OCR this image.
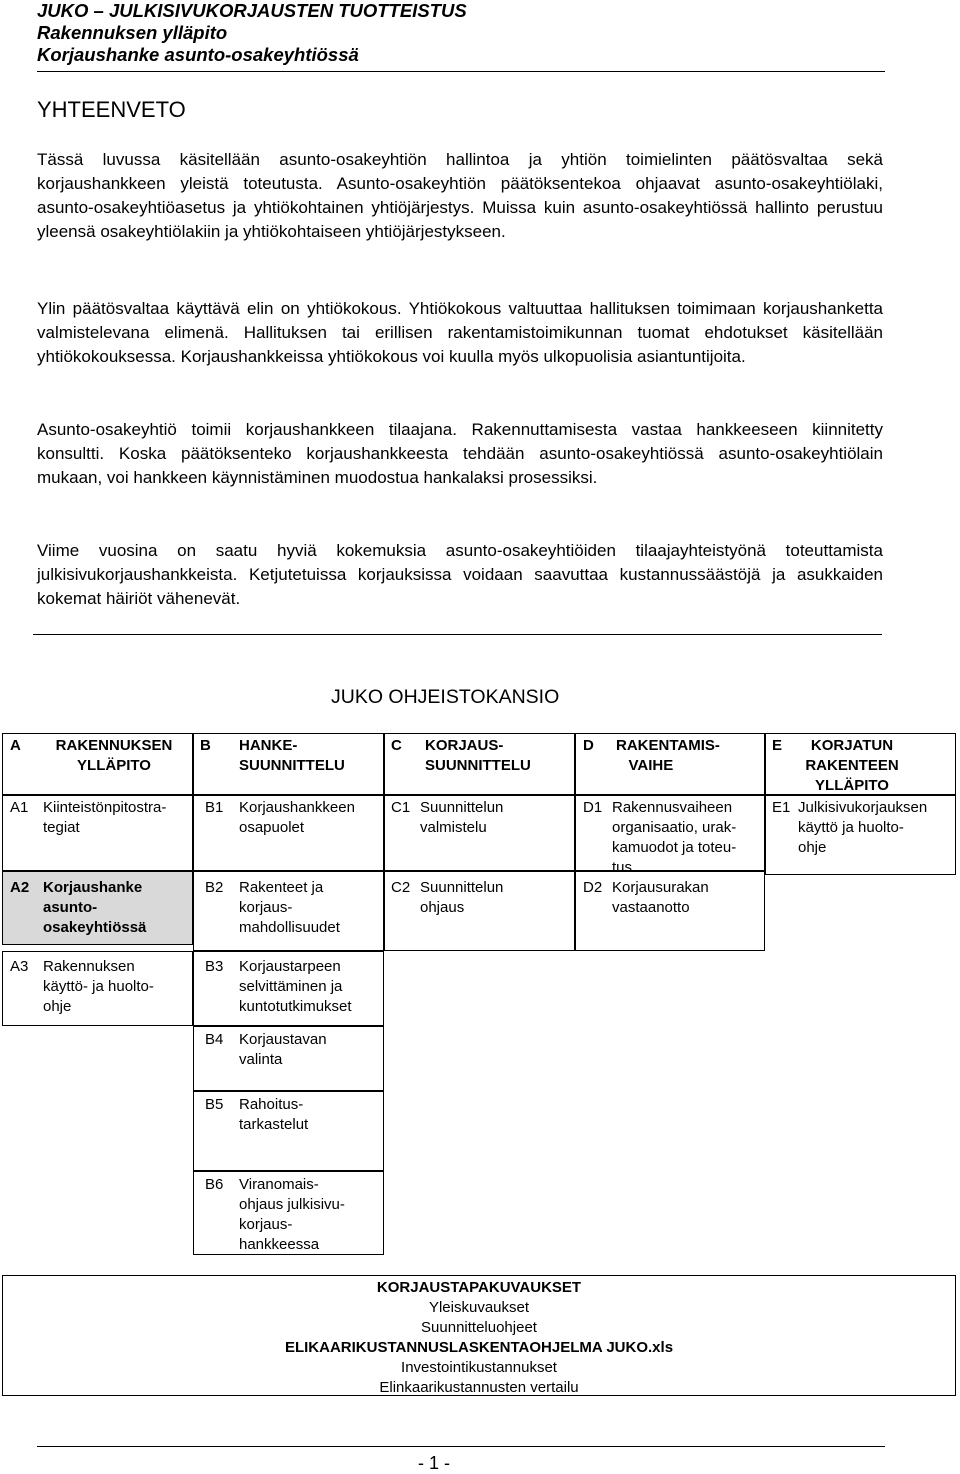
JUKO – JULKISIVUKORJAUSTEN TUOTTEISTUS
Rakennuksen ylläpito
Korjaushanke asunto-osakeyhtiössä
YHTEENVETO

Tässä luvussa käsitellään asunto-osakeyhtiön hallintoa ja yhtiön toimielinten päätösvaltaa sekä korjaushankkeen yleistä toteutusta. Asunto-osakeyhtiön päätöksentekoa ohjaavat asunto-osakeyhtiölaki, asunto-osakeyhtiöasetus ja yhtiökohtainen yhtiöjärjestys. Muissa kuin asunto-osakeyhtiössä hallinto perustuu yleensä osakeyhtiölakiin ja yhtiökohtaiseen yhtiöjärjestykseen.

Ylin päätösvaltaa käyttävä elin on yhtiökokous. Yhtiökokous valtuuttaa hallituksen toimimaan korjaushanketta valmistelevana elimenä. Hallituksen tai erillisen rakentamistoimikunnan tuomat ehdotukset käsitellään yhtiökokouksessa. Korjaushankkeissa yhtiökokous voi kuulla myös ulkopuolisia asiantuntijoita.

Asunto-osakeyhtiö toimii korjaushankkeen tilaajana. Rakennuttamisesta vastaa hankkeeseen kiinnitetty konsultti. Koska päätöksenteko korjaushankkeesta tehdään asunto-osakeyhtiössä asunto-osakeyhtiölain mukaan, voi hankkeen käynnistäminen muodostua hankalaksi prosessiksi.

Viime vuosina on saatu hyviä kokemuksia asunto-osakeyhtiöiden tilaajayhteistyönä toteuttamista julkisivukorjaushankkeista. Ketjutetuissa korjauksissa voidaan saavuttaa kustannussäästöjä ja asukkaiden kokemat häiriöt vähenevät.

JUKO OHJEISTOKANSIO
A	RAKENNUKSEN YLLÄPITO
A1 Kiinteistönpitostra-
tegiat
A2 Korjaushanke
asunto-
osakeyhtiössä
A3 Rakennuksen
käyttö- ja huolto-
ohje
B HANKE-
SUUNNITTELU
B1 Korjaushankkeen
osapuolet
B2 Rakenteet ja
korjaus-
mahdollisuudet
B3 Korjaustarpeen
selvittäminen ja
kuntotutkimukset
B4 Korjaustavan
valinta
B5 Rahoitus-
tarkastelut
B6 Viranomais-
ohjaus julkisivu-
korjaus-
hankkeessa
C KORJAUS-
SUUNNITTELU
C1 Suunnittelun
valmistelu
C2 Suunnittelun
ohjaus
D RAKENTAMIS-
VAIHE
D1 Rakennusvaiheen
organisaatio, urak-
kamuodot ja toteu-
tus
D2 Korjausurakan
vastaanotto
E	KORJATUN
RAKENTEEN
YLLÄPITO
E1 Julkisivukorjauksen
käyttö ja huolto-
ohje
KORJAUSTAPAKUVAUKSET
Yleiskuvaukset
Suunnitteluohjeet
ELIKAARIKUSTANNUSLASKENTAOHJELMA JUKO.xls
Investointikustannukset
Elinkaarikustannusten vertailu
- 1 -
